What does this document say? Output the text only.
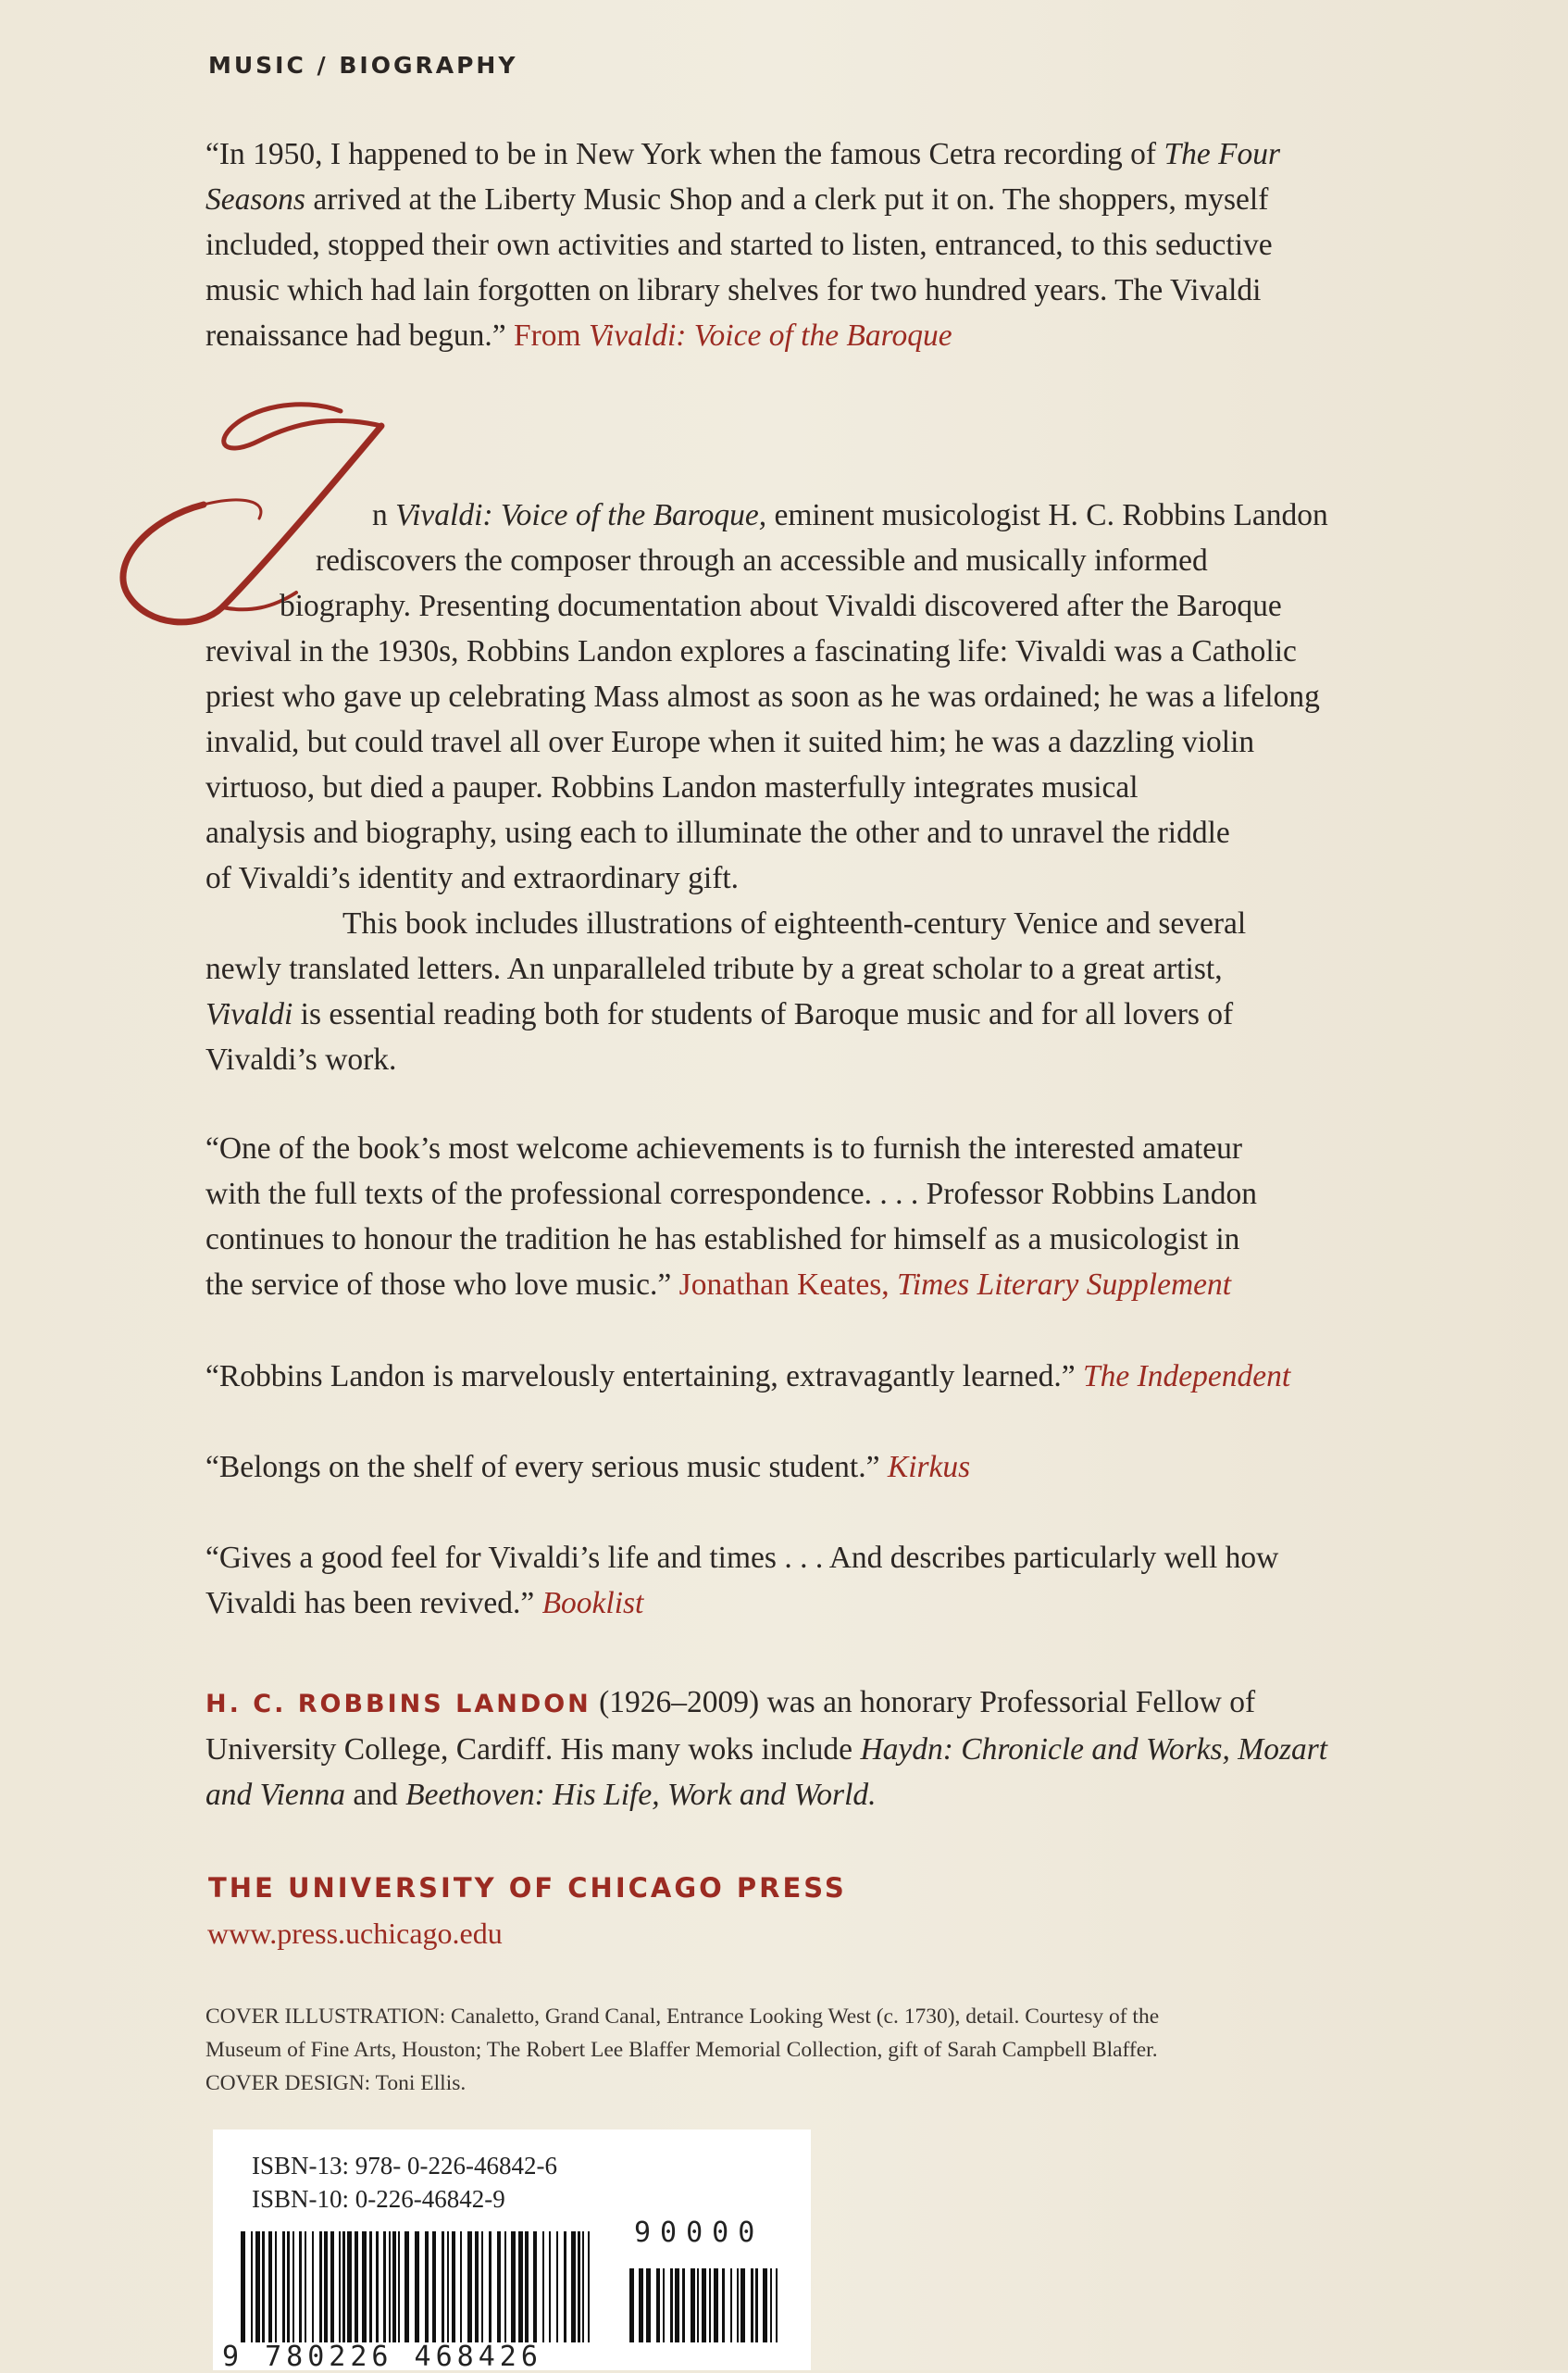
MUSIC / BIOGRAPHY
“In 1950, I happened to be in New York when the famous Cetra recording of The Four
Seasons arrived at the Liberty Music Shop and a clerk put it on. The shoppers, myself
included, stopped their own activities and started to listen, entranced, to this seductive
music which had lain forgotten on library shelves for two hundred years. The Vivaldi
renaissance had begun.” From Vivaldi: Voice of the Baroque
I
n Vivaldi: Voice of the Baroque, eminent musicologist H. C. Robbins Landon
rediscovers the composer through an accessible and musically informed
biography. Presenting documentation about Vivaldi discovered after the Baroque
revival in the 1930s, Robbins Landon explores a fascinating life: Vivaldi was a Catholic
priest who gave up celebrating Mass almost as soon as he was ordained; he was a lifelong
invalid, but could travel all over Europe when it suited him; he was a dazzling violin
virtuoso, but died a pauper. Robbins Landon masterfully integrates musical
analysis and biography, using each to illuminate the other and to unravel the riddle
of Vivaldi’s identity and extraordinary gift.
This book includes illustrations of eighteenth-century Venice and several
newly translated letters. An unparalleled tribute by a great scholar to a great artist,
Vivaldi is essential reading both for students of Baroque music and for all lovers of
Vivaldi’s work.
“One of the book’s most welcome achievements is to furnish the interested amateur
with the full texts of the professional correspondence. . . . Professor Robbins Landon
continues to honour the tradition he has established for himself as a musicologist in
the service of those who love music.” Jonathan Keates, Times Literary Supplement
“Robbins Landon is marvelously entertaining, extravagantly learned.” The Independent
“Belongs on the shelf of every serious music student.” Kirkus
“Gives a good feel for Vivaldi’s life and times . . . And describes particularly well how
Vivaldi has been revived.” Booklist
H. C. ROBBINS LANDON (1926–2009) was an honorary Professorial Fellow of
University College, Cardiff. His many woks include Haydn: Chronicle and Works, Mozart
and Vienna and Beethoven: His Life, Work and World.
THE UNIVERSITY OF CHICAGO PRESS
www.press.uchicago.edu
COVER ILLUSTRATION: Canaletto, Grand Canal, Entrance Looking West (c. 1730), detail. Courtesy of the
Museum of Fine Arts, Houston; The Robert Lee Blaffer Memorial Collection, gift of Sarah Campbell Blaffer.
COVER DESIGN: Toni Ellis.
ISBN-13: 978- 0-226-46842-6
ISBN-10: 0-226-46842-9
90000
9 780226 468426
